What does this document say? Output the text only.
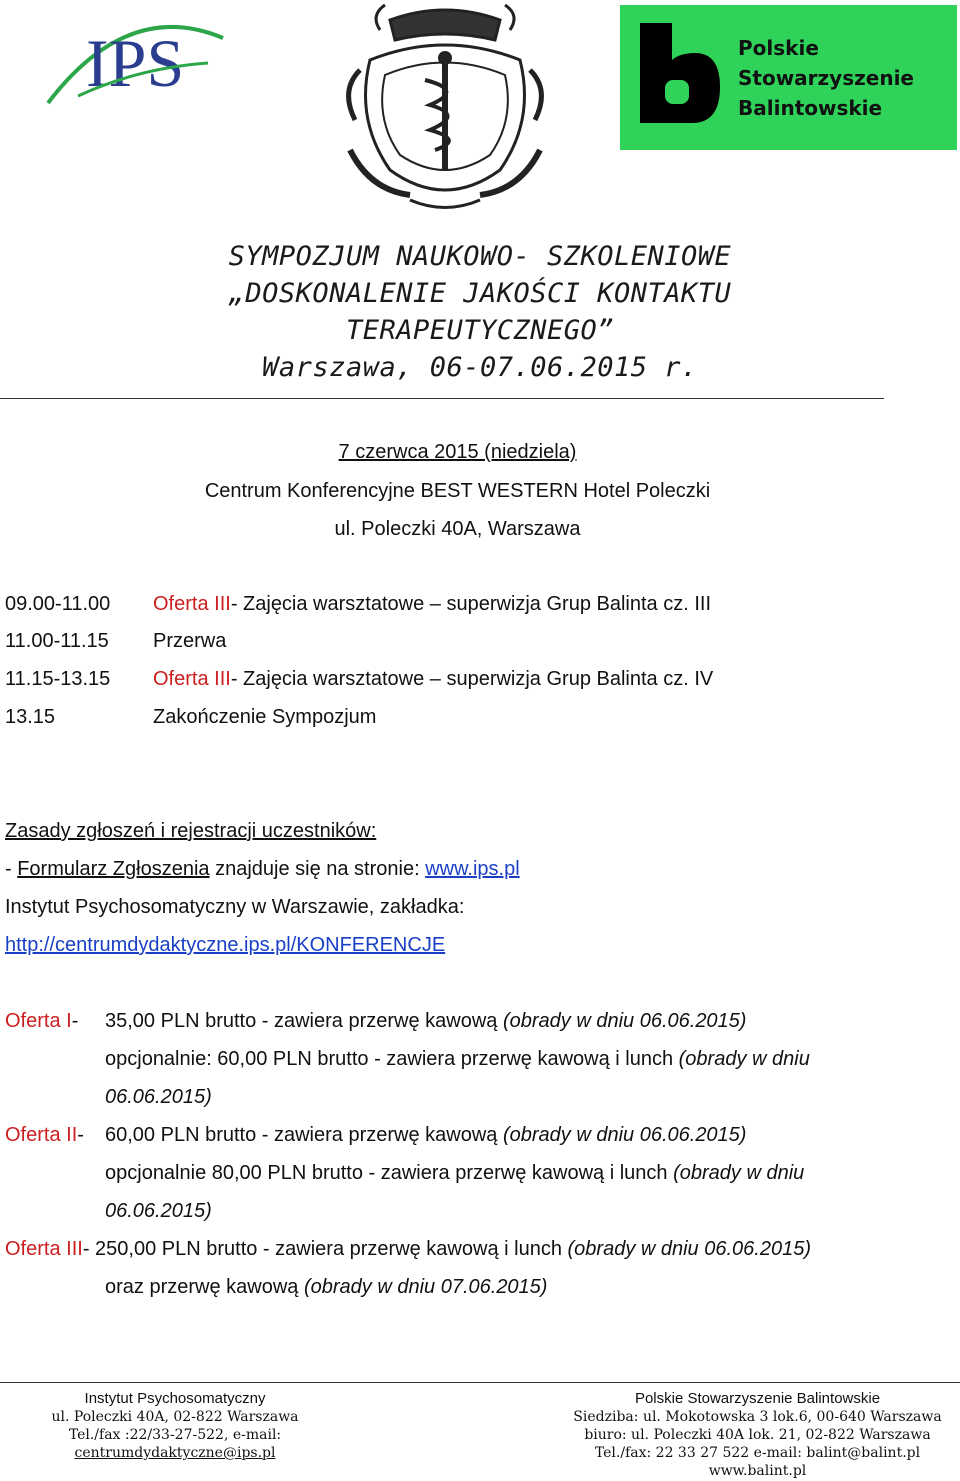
IPS	Polskie
Stowarzyszenie
Balintowskie
SYMPOZJUM NAUKOWO- SZKOLENIOWE
„DOSKONALENIE JAKOŚCI KONTAKTU
TERAPEUTYCZNEGO”
Warszawa, 06-07.06.2015 r.
7 czerwca 2015 (niedziela)
Centrum Konferencyjne BEST WESTERN Hotel Poleczki
ul. Poleczki 40A, Warszawa
09.00-11.00	Oferta III- Zajęcia warsztatowe – superwizja Grup Balinta cz. III
11.00-11.15	Przerwa
11.15-13.15	Oferta III- Zajęcia warsztatowe – superwizja Grup Balinta cz. IV
13.15	Zakończenie Sympozjum
Zasady zgłoszeń i rejestracji uczestników:
- Formularz Zgłoszenia znajduje się na stronie: www.ips.pl
Instytut Psychosomatyczny w Warszawie, zakładka:
http://centrumdydaktyczne.ips.pl/KONFERENCJE
Oferta I- 35,00 PLN brutto - zawiera przerwę kawową (obrady w dniu 06.06.2015)
opcjonalnie: 60,00 PLN brutto - zawiera przerwę kawową i lunch (obrady w dniu
06.06.2015)
Oferta II- 60,00 PLN brutto - zawiera przerwę kawową (obrady w dniu 06.06.2015)
opcjonalnie 80,00 PLN brutto - zawiera przerwę kawową i lunch (obrady w dniu
06.06.2015)
Oferta III- 250,00 PLN brutto - zawiera przerwę kawową i lunch (obrady w dniu 06.06.2015)
oraz przerwę kawową (obrady w dniu 07.06.2015)
Instytut Psychosomatyczny
ul. Poleczki 40A, 02-822 Warszawa
Tel./fax :22/33-27-522, e-mail:
centrumdydaktyczne@ips.pl
Polskie Stowarzyszenie Balintowskie
Siedziba: ul. Mokotowska 3 lok.6, 00-640 Warszawa
biuro: ul. Poleczki 40A lok. 21, 02-822 Warszawa
Tel./fax: 22 33 27 522 e-mail: balint@balint.pl
www.balint.pl
